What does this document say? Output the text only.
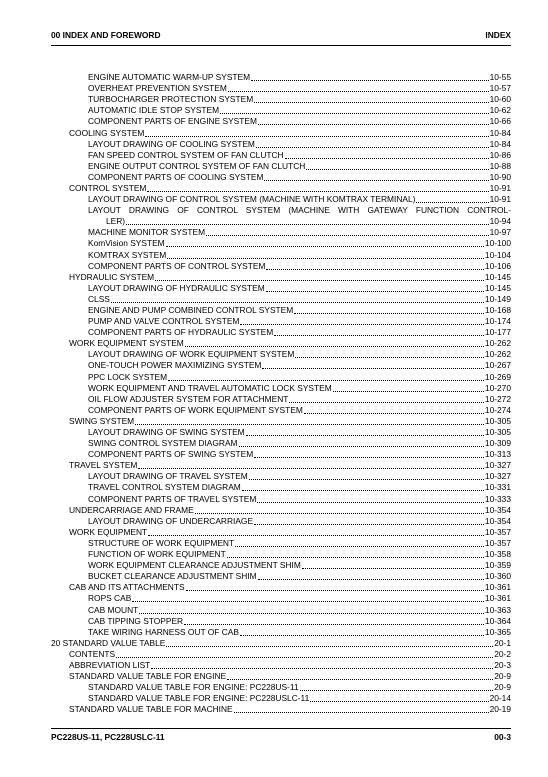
00 INDEX AND FOREWORD	INDEX
ENGINE AUTOMATIC WARM-UP SYSTEM	10-55
OVERHEAT PREVENTION SYSTEM	10-57
TURBOCHARGER PROTECTION SYSTEM	10-60
AUTOMATIC IDLE STOP SYSTEM	10-62
COMPONENT PARTS OF ENGINE SYSTEM	10-66
COOLING SYSTEM	10-84
LAYOUT DRAWING OF COOLING SYSTEM	10-84
FAN SPEED CONTROL SYSTEM OF FAN CLUTCH	10-86
ENGINE OUTPUT CONTROL SYSTEM OF FAN CLUTCH	10-88
COMPONENT PARTS OF COOLING SYSTEM	10-90
CONTROL SYSTEM	10-91
LAYOUT DRAWING OF CONTROL SYSTEM (MACHINE WITH KOMTRAX TERMINAL)	10-91
LAYOUT DRAWING OF CONTROL SYSTEM (MACHINE WITH GATEWAY FUNCTION CONTROL-
LER)	10-94
MACHINE MONITOR SYSTEM	10-97
KomVision SYSTEM	10-100
KOMTRAX SYSTEM	10-104
COMPONENT PARTS OF CONTROL SYSTEM	10-106
HYDRAULIC SYSTEM	10-145
LAYOUT DRAWING OF HYDRAULIC SYSTEM	10-145
CLSS	10-149
ENGINE AND PUMP COMBINED CONTROL SYSTEM	10-168
PUMP AND VALVE CONTROL SYSTEM	10-174
COMPONENT PARTS OF HYDRAULIC SYSTEM	10-177
WORK EQUIPMENT SYSTEM	10-262
LAYOUT DRAWING OF WORK EQUIPMENT SYSTEM	10-262
ONE-TOUCH POWER MAXIMIZING SYSTEM	10-267
PPC LOCK SYSTEM	10-269
WORK EQUIPMENT AND TRAVEL AUTOMATIC LOCK SYSTEM	10-270
OIL FLOW ADJUSTER SYSTEM FOR ATTACHMENT	10-272
COMPONENT PARTS OF WORK EQUIPMENT SYSTEM	10-274
SWING SYSTEM	10-305
LAYOUT DRAWING OF SWING SYSTEM	10-305
SWING CONTROL SYSTEM DIAGRAM	10-309
COMPONENT PARTS OF SWING SYSTEM	10-313
TRAVEL SYSTEM	10-327
LAYOUT DRAWING OF TRAVEL SYSTEM	10-327
TRAVEL CONTROL SYSTEM DIAGRAM	10-331
COMPONENT PARTS OF TRAVEL SYSTEM	10-333
UNDERCARRIAGE AND FRAME	10-354
LAYOUT DRAWING OF UNDERCARRIAGE	10-354
WORK EQUIPMENT	10-357
STRUCTURE OF WORK EQUIPMENT	10-357
FUNCTION OF WORK EQUIPMENT	10-358
WORK EQUIPMENT CLEARANCE ADJUSTMENT SHIM	10-359
BUCKET CLEARANCE ADJUSTMENT SHIM	10-360
CAB AND ITS ATTACHMENTS	10-361
ROPS CAB	10-361
CAB MOUNT	10-363
CAB TIPPING STOPPER	10-364
TAKE WIRING HARNESS OUT OF CAB	10-365
20 STANDARD VALUE TABLE	20-1
CONTENTS	20-2
ABBREVIATION LIST	20-3
STANDARD VALUE TABLE FOR ENGINE	20-9
STANDARD VALUE TABLE FOR ENGINE: PC228US-11	20-9
STANDARD VALUE TABLE FOR ENGINE: PC228USLC-11	20-14
STANDARD VALUE TABLE FOR MACHINE	20-19
PC228US-11, PC228USLC-11	00-3
